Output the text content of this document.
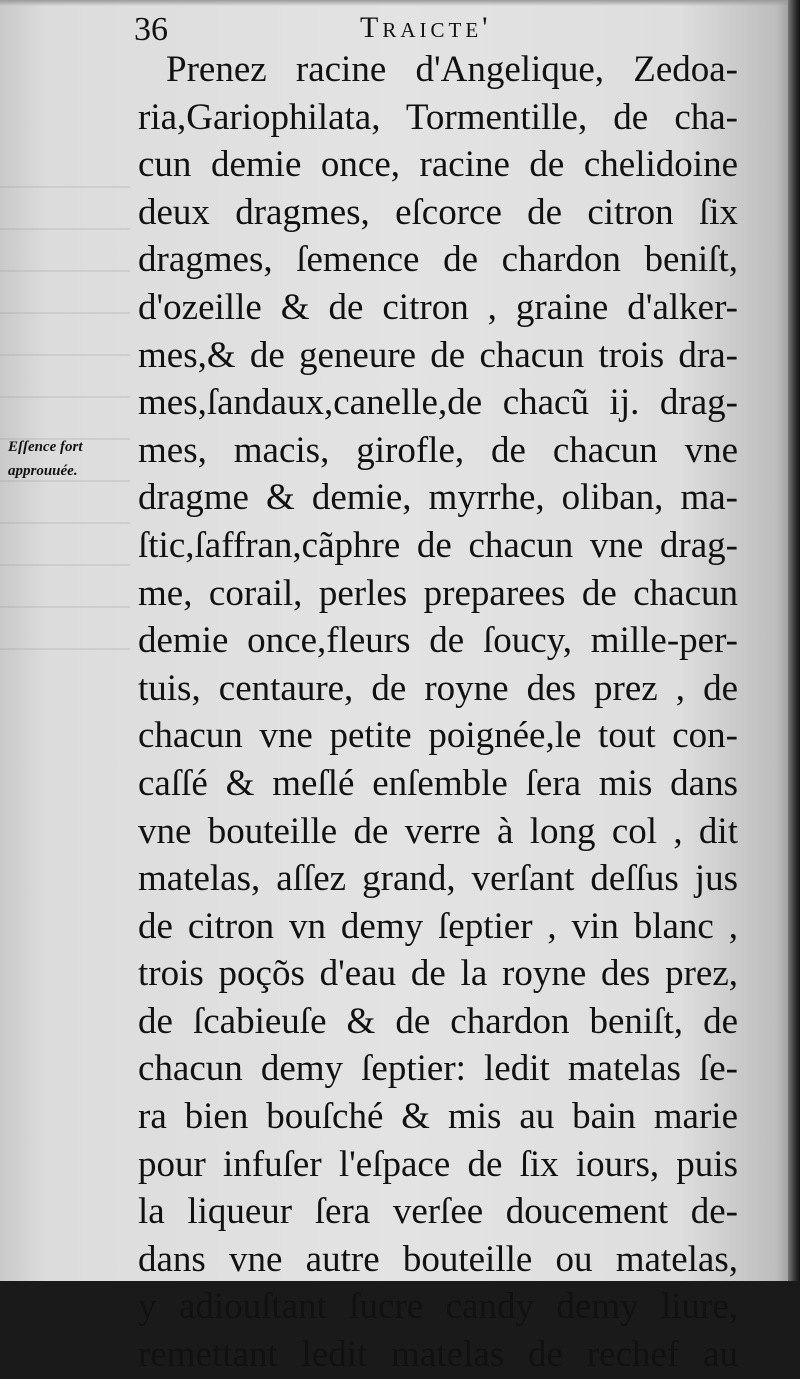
36	Traicte'
Eſſence fort
approuuée.
Prenez racine d'Angelique, Zedoa-
ria,Gariophilata, Tormentille, de cha-
cun demie once, racine de chelidoine
deux dragmes, eſcorce de citron ſix
dragmes, ſemence de chardon beniſt,
d'ozeille & de citron , graine d'alker-
mes,& de geneure de chacun trois dra-
mes,ſandaux,canelle,de chacũ ij. drag-
mes, macis, girofle, de chacun vne
dragme & demie, myrrhe, oliban, ma-
ſtic,ſaffran,cãphre de chacun vne drag-
me, corail, perles preparees de chacun
demie once,fleurs de ſoucy, mille-per-
tuis, centaure, de royne des prez , de
chacun vne petite poignée,le tout con-
caſſé & meſlé enſemble ſera mis dans
vne bouteille de verre à long col , dit
matelas, aſſez grand, verſant deſſus jus
de citron vn demy ſeptier , vin blanc ,
trois poçõs d'eau de la royne des prez,
de ſcabieuſe & de chardon beniſt, de
chacun demy ſeptier: ledit matelas ſe-
ra bien bouſché & mis au bain marie
pour infuſer l'eſpace de ſix iours, puis
la liqueur ſera verſee doucement de-
dans vne autre bouteille ou matelas,
y adiouſtant ſucre candy demy liure,
remettant ledit matelas de rechef au
